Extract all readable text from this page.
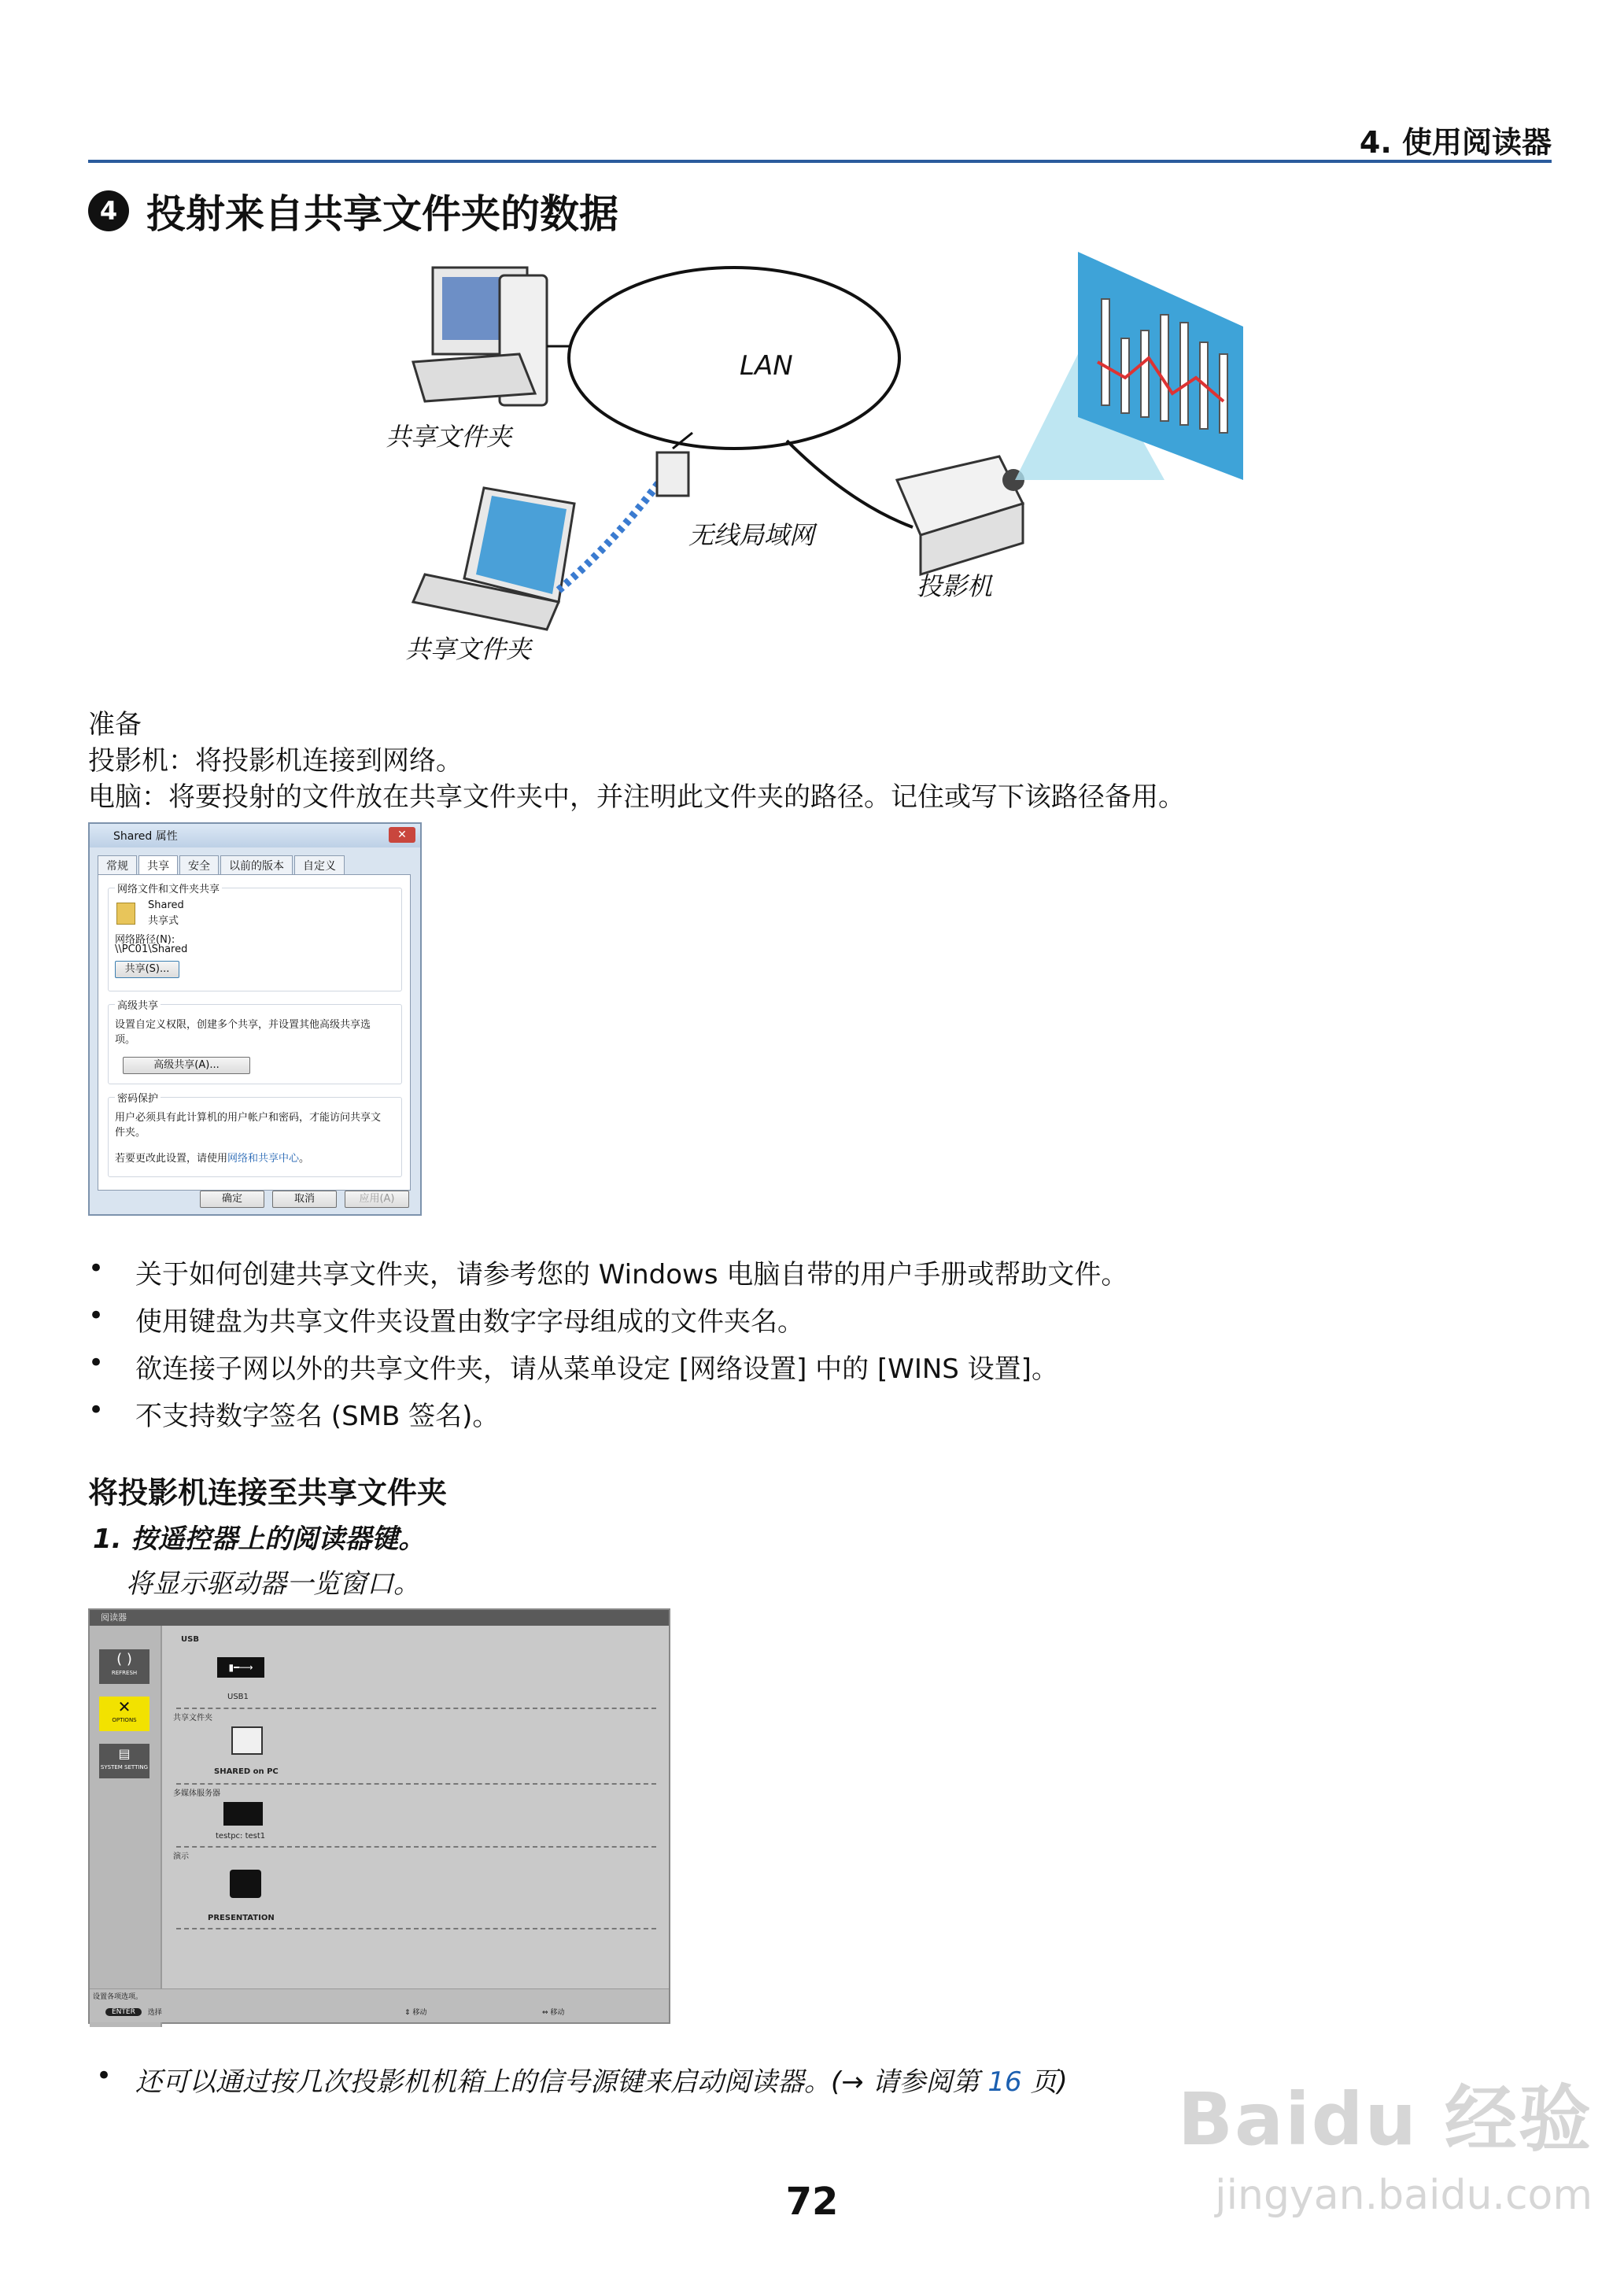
4. 使用阅读器
4 投射来自共享文件夹的数据
LAN
共享文件夹
共享文件夹
无线局域网
投影机
准备
投影机：将投影机连接到网络。
电脑：将要投射的文件放在共享文件夹中，并注明此文件夹的路径。记住或写下该路径备用。
Shared 属性	✕
常规	共享	安全	以前的版本	自定义
网络文件和文件夹共享
Shared
共享式
网络路径(N):
\\PC01\Shared
共享(S)...
高级共享
设置自定义权限，创建多个共享，并设置其他高级共享选项。
高级共享(A)...
密码保护
用户必须具有此计算机的用户帐户和密码，才能访问共享文件夹。
若要更改此设置，请使用网络和共享中心。
确定	取消	应用(A)
• 关于如何创建共享文件夹，请参考您的 Windows 电脑自带的用户手册或帮助文件。
• 使用键盘为共享文件夹设置由数字字母组成的文件夹名。
• 欲连接子网以外的共享文件夹，请从菜单设定 [网络设置] 中的 [WINS 设置]。
• 不支持数字签名 (SMB 签名)。
将投影机连接至共享文件夹
1. 按遥控器上的阅读器键。
将显示驱动器一览窗口。
阅读器
( )
REFRESH
✕
OPTIONS
▤
SYSTEM SETTING
USB
▮━⟶
USB1
共享文件夹
SHARED on PC
多媒体服务器
testpc: test1
演示
PRESENTATION
设置各项选项。
ENTER	选择	⇕ 移动	⇔ 移动
• 还可以通过按几次投影机机箱上的信号源键来启动阅读器。(→ 请参阅第 16 页)
72
Baidu 经验
jingyan.baidu.com
